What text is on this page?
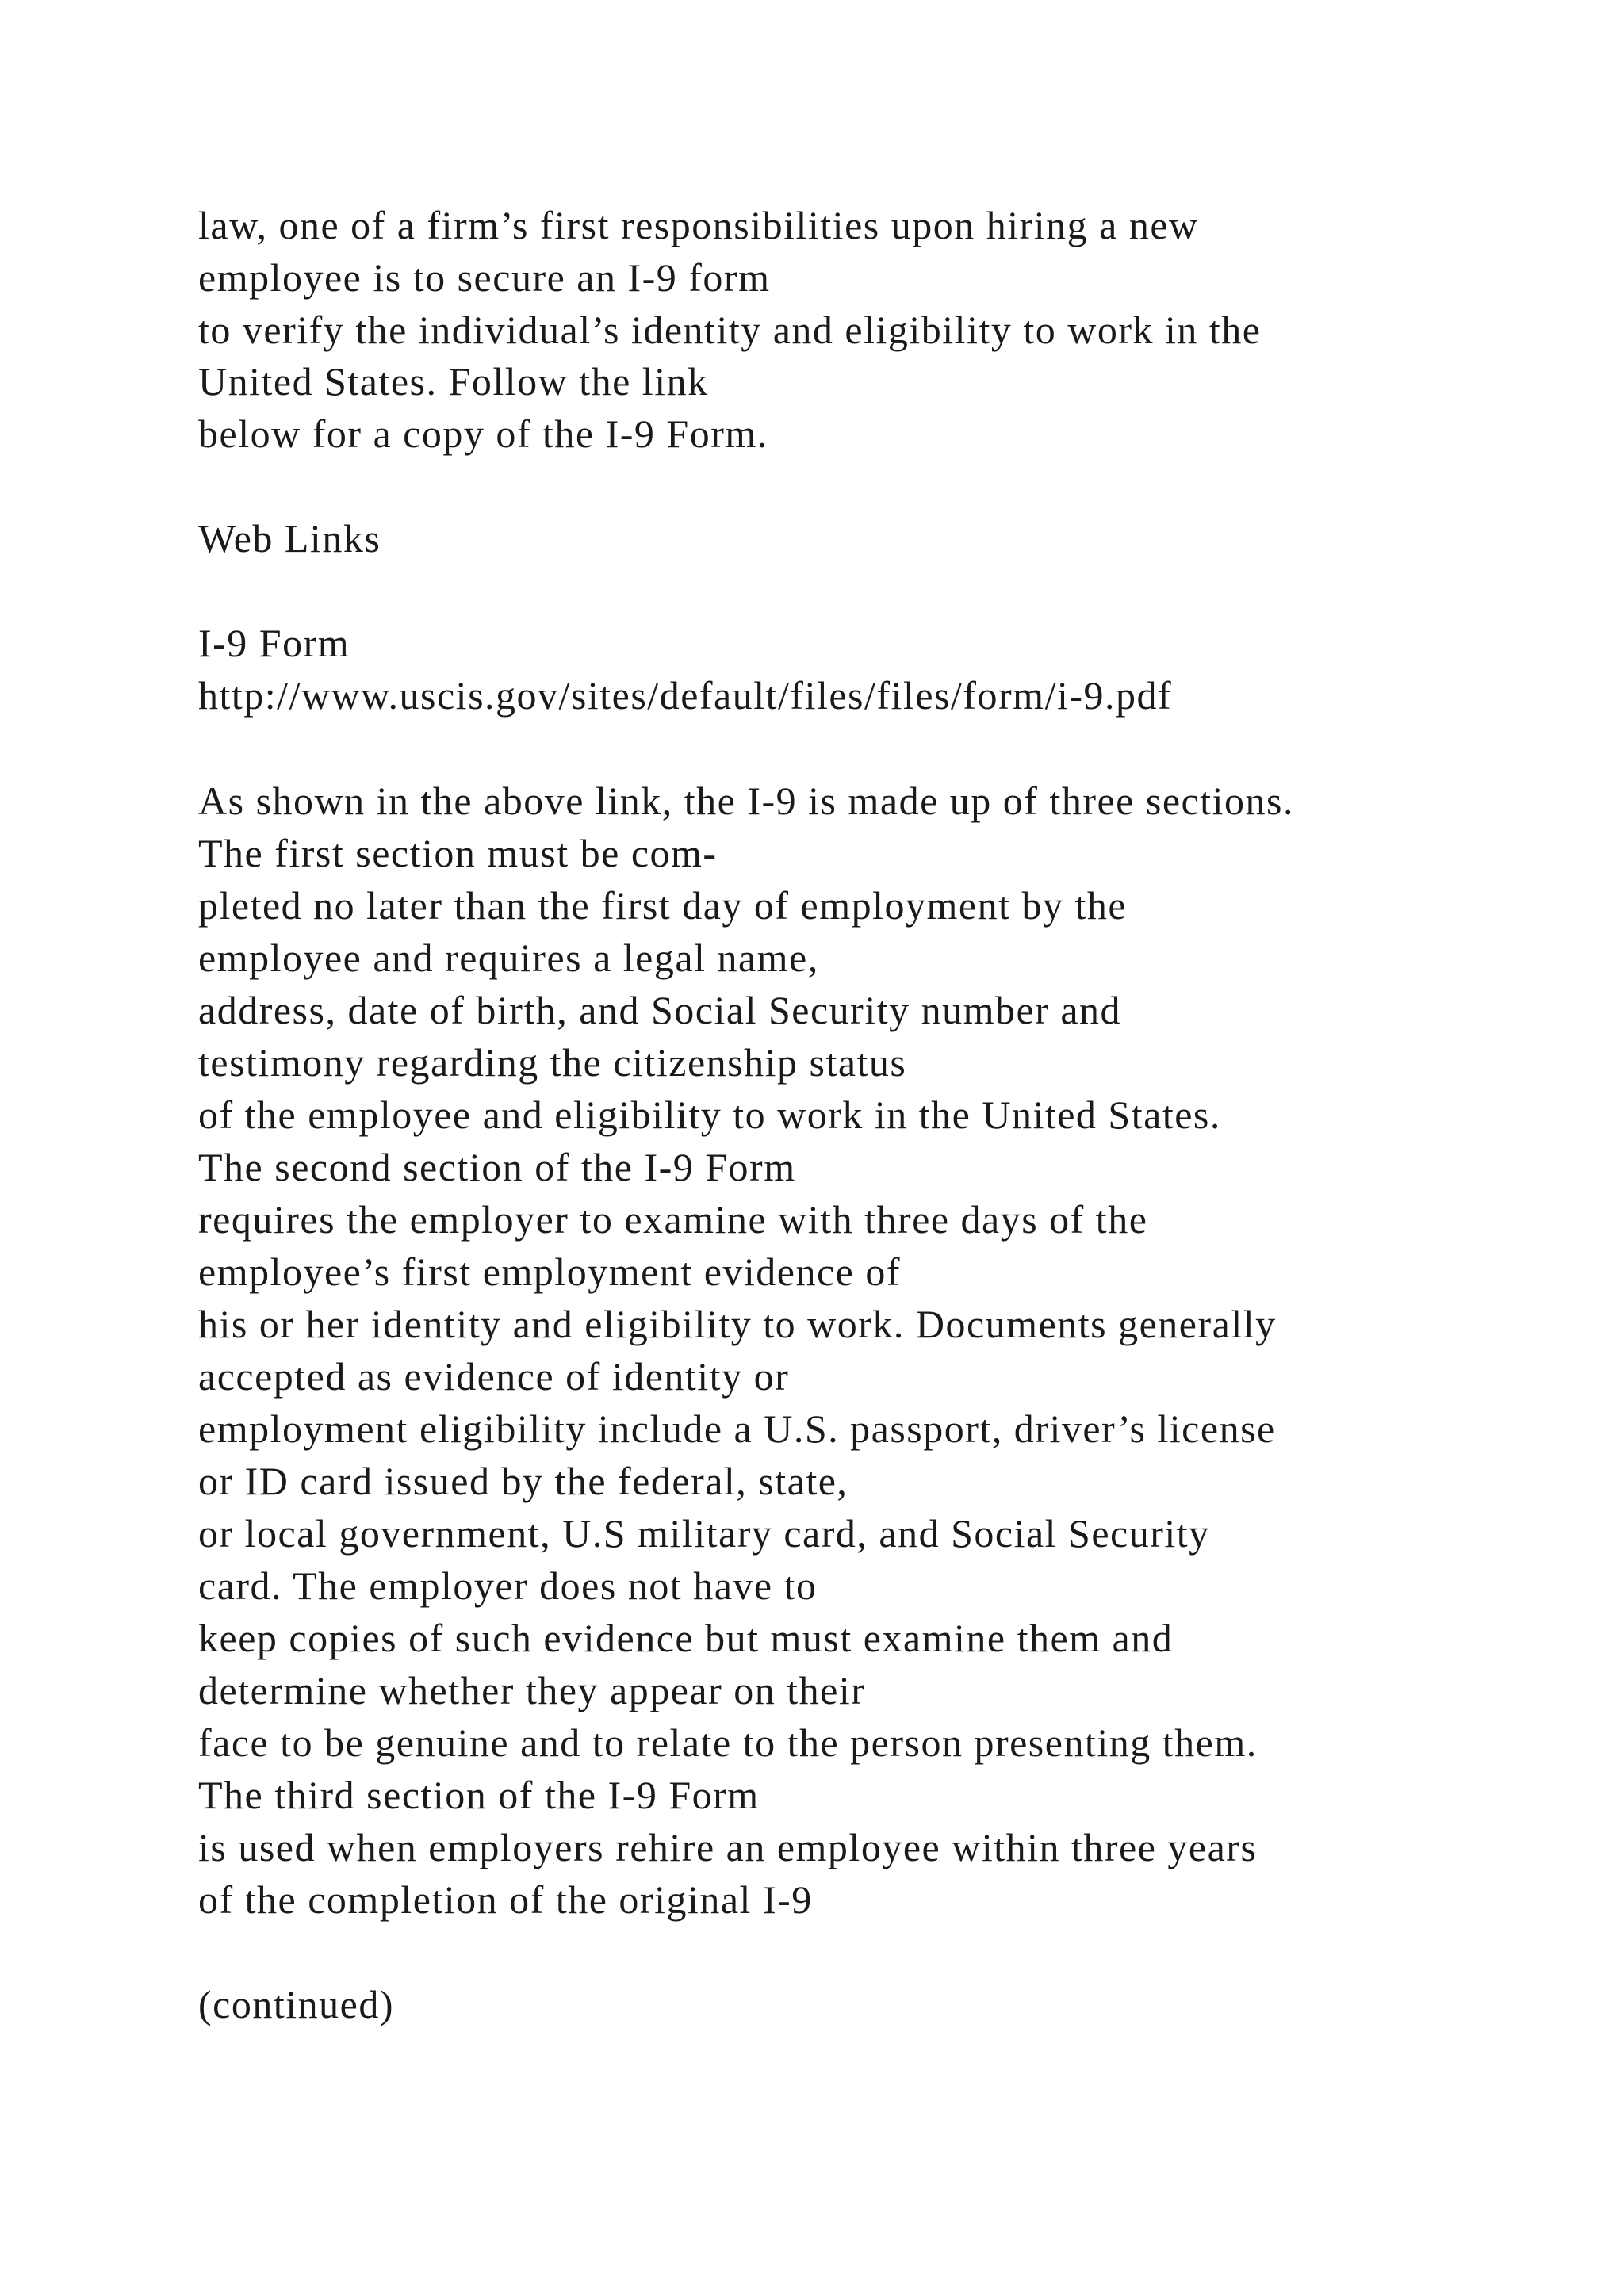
law, one of a firm’s first responsibilities upon hiring a new

employee is to secure an I-9 form

to verify the individual’s identity and eligibility to work in the

United States. Follow the link

below for a copy of the I-9 Form.

Web Links

I-9 Form

http://www.uscis.gov/sites/default/files/files/form/i-9.pdf

As shown in the above link, the I-9 is made up of three sections.

The first section must be com-

pleted no later than the first day of employment by the

employee and requires a legal name,

address, date of birth, and Social Security number and

testimony regarding the citizenship status

of the employee and eligibility to work in the United States.

The second section of the I-9 Form

requires the employer to examine with three days of the

employee’s first employment evidence of

his or her identity and eligibility to work. Documents generally

accepted as evidence of identity or

employment eligibility include a U.S. passport, driver’s license

or ID card issued by the federal, state,

or local government, U.S military card, and Social Security

card. The employer does not have to

keep copies of such evidence but must examine them and

determine whether they appear on their

face to be genuine and to relate to the person presenting them.

The third section of the I-9 Form

is used when employers rehire an employee within three years

of the completion of the original I-9

(continued)
